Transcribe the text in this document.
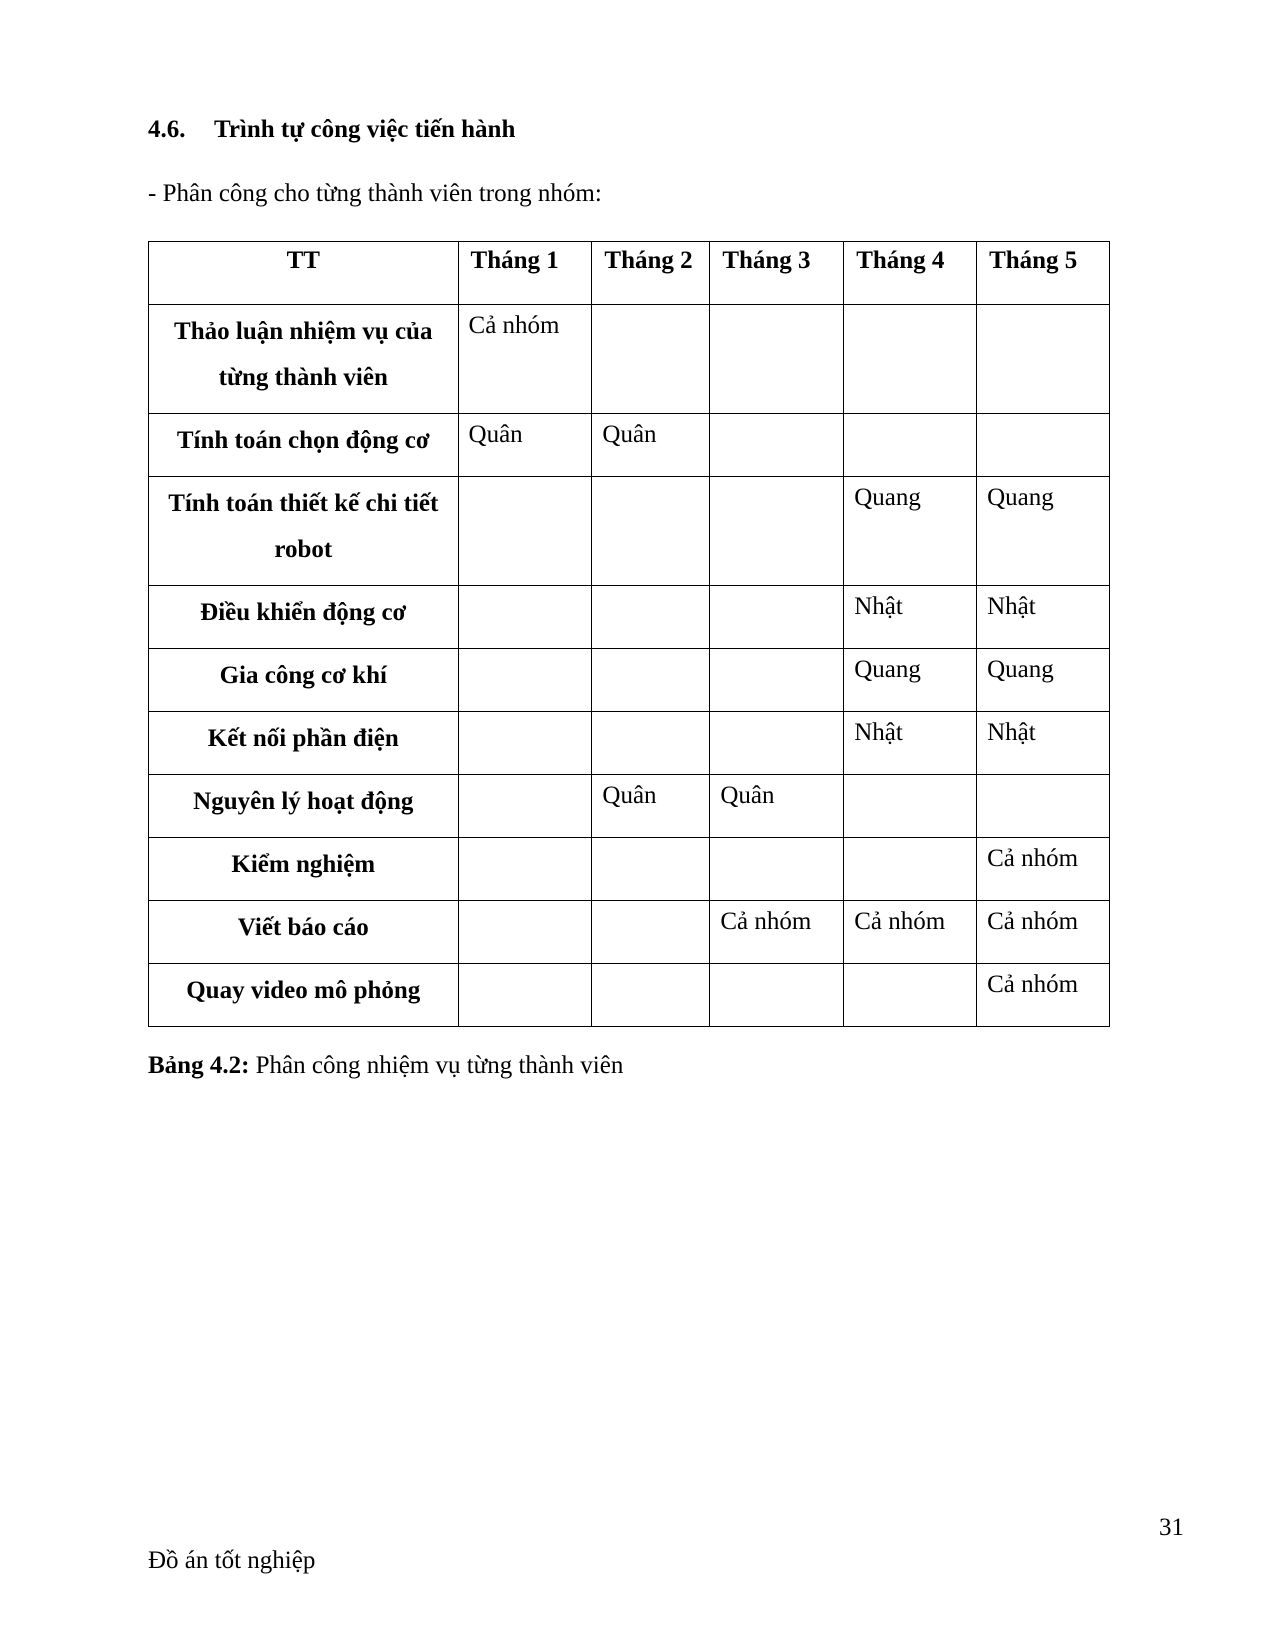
4.6. Trình tự công việc tiến hành

- Phân công cho từng thành viên trong nhóm:

TT	Tháng 1	Tháng 2	Tháng 3	Tháng 4	Tháng 5
Thảo luận nhiệm vụ của từng thành viên	Cả nhóm				
Tính toán chọn động cơ	Quân	Quân			
Tính toán thiết kế chi tiết robot				Quang	Quang
Điều khiển động cơ				Nhật	Nhật
Gia công cơ khí				Quang	Quang
Kết nối phần điện				Nhật	Nhật
Nguyên lý hoạt động		Quân	Quân		
Kiểm nghiệm					Cả nhóm
Viết báo cáo			Cả nhóm	Cả nhóm	Cả nhóm
Quay video mô phỏng					Cả nhóm

Bảng 4.2: Phân công nhiệm vụ từng thành viên

31
Đồ án tốt nghiệp
